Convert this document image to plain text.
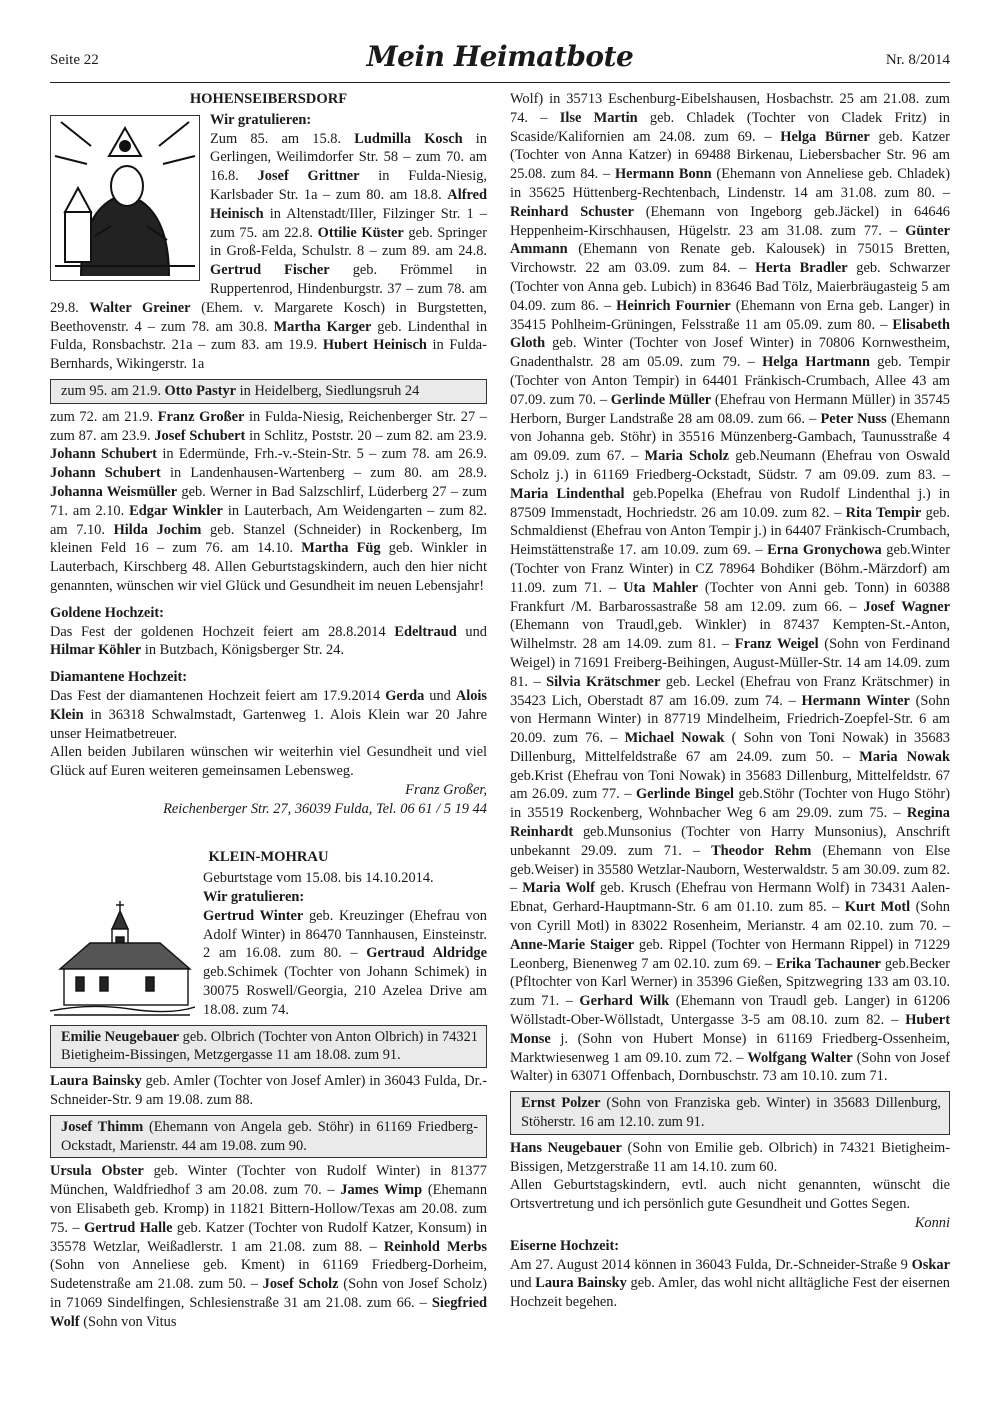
Seite 22	Mein Heimatbote	Nr. 8/2014
HOHENSEIBERSDORF

Wir gratulieren:

Zum 85. am 15.8. Ludmilla Kosch in Gerlingen, Weilimdorfer Str. 58 – zum 70. am 16.8. Josef Grittner in Fulda-Niesig, Karlsbader Str. 1a – zum 80. am 18.8. Alfred Heinisch in Altenstadt/Iller, Filzinger Str. 1 – zum 75. am 22.8. Ottilie Küster geb. Springer in Groß-Felda, Schulstr. 8 – zum 89. am 24.8. Gertrud Fischer geb. Frömmel in Ruppertenrod, Hindenburgstr. 37 – zum 78. am 29.8. Walter Greiner (Ehem. v. Margarete Kosch) in Burgstetten, Beethovenstr. 4 – zum 78. am 30.8. Martha Karger geb. Lindenthal in Fulda, Ronsbachstr. 21a – zum 83. am 19.9. Hubert Heinisch in Fulda-Bernhards, Wikingerstr. 1a

zum 95. am 21.9. Otto Pastyr in Heidelberg, Siedlungsruh 24

zum 72. am 21.9. Franz Großer in Fulda-Niesig, Reichenberger Str. 27 – zum 87. am 23.9. Josef Schubert in Schlitz, Poststr. 20 – zum 82. am 23.9. Johann Schubert in Edermünde, Frh.-v.-Stein-Str. 5 – zum 78. am 26.9. Johann Schubert in Landenhausen-Wartenberg – zum 80. am 28.9. Johanna Weismüller geb. Werner in Bad Salzschlirf, Lüderberg 27 – zum 71. am 2.10. Edgar Winkler in Lauterbach, Am Weidengarten – zum 82. am 7.10. Hilda Jochim geb. Stanzel (Schneider) in Rockenberg, Im kleinen Feld 16 – zum 76. am 14.10. Martha Füg geb. Winkler in Lauterbach, Kirschberg 48. Allen Geburtstagskindern, auch den hier nicht genannten, wünschen wir viel Glück und Gesundheit im neuen Lebensjahr!

Goldene Hochzeit:

Das Fest der goldenen Hochzeit feiert am 28.8.2014 Edeltraud und Hilmar Köhler in Butzbach, Königsberger Str. 24.

Diamantene Hochzeit:

Das Fest der diamantenen Hochzeit feiert am 17.9.2014 Gerda und Alois Klein in 36318 Schwalmstadt, Gartenweg 1. Alois Klein war 20 Jahre unser Heimatbetreuer.

Allen beiden Jubilaren wünschen wir weiterhin viel Gesundheit und viel Glück auf Euren weiteren gemeinsamen Lebensweg.

Franz Großer,

Reichenberger Str. 27, 36039 Fulda, Tel. 06 61 / 5 19 44

KLEIN-MOHRAU

Geburtstage vom 15.08. bis 14.10.2014.

Wir gratulieren:

Gertrud Winter geb. Kreuzinger (Ehefrau von Adolf Winter) in 86470 Tannhausen, Einsteinstr. 2 am 16.08. zum 80. – Gertraud Aldridge geb.Schimek (Tochter von Johann Schimek) in 30075 Roswell/Georgia, 210 Azelea Drive am 18.08. zum 74.

Emilie Neugebauer geb. Olbrich (Tochter von Anton Olbrich) in 74321 Bietigheim-Bissingen, Metzgergasse 11 am 18.08. zum 91.

Laura Bainsky geb. Amler (Tochter von Josef Amler) in 36043 Fulda, Dr.-Schneider-Str. 9 am 19.08. zum 88.

Josef Thimm (Ehemann von Angela geb. Stöhr) in 61169 Friedberg-Ockstadt, Marienstr. 44 am 19.08. zum 90.

Ursula Obster geb. Winter (Tochter von Rudolf Winter) in 81377 München, Waldfriedhof 3 am 20.08. zum 70. – James Wimp (Ehemann von Elisabeth geb. Kromp) in 11821 Bittern-Hollow/Texas am 20.08. zum 75. – Gertrud Halle geb. Katzer (Tochter von Rudolf Katzer, Konsum) in 35578 Wetzlar, Weißadlerstr. 1 am 21.08. zum 88. – Reinhold Merbs (Sohn von Anneliese geb. Kment) in 61169 Friedberg-Dorheim, Sudetenstraße am 21.08. zum 50. – Josef Scholz (Sohn von Josef Scholz) in 71069 Sindelfingen, Schlesienstraße 31 am 21.08. zum 66. – Siegfried Wolf (Sohn von Vitus

Wolf) in 35713 Eschenburg-Eibelshausen, Hosbachstr. 25 am 21.08. zum 74. – Ilse Martin geb. Chladek (Tochter von Cladek Fritz) in Scaside/Kalifornien am 24.08. zum 69. – Helga Bürner geb. Katzer (Tochter von Anna Katzer) in 69488 Birkenau, Liebersbacher Str. 96 am 25.08. zum 84. – Hermann Bonn (Ehemann von Anneliese geb. Chladek) in 35625 Hüttenberg-Rechtenbach, Lindenstr. 14 am 31.08. zum 80. – Reinhard Schuster (Ehemann von Ingeborg geb.Jäckel) in 64646 Heppenheim-Kirschhausen, Hügelstr. 23 am 31.08. zum 77. – Günter Ammann (Ehemann von Renate geb. Kalousek) in 75015 Bretten, Virchowstr. 22 am 03.09. zum 84. – Herta Bradler geb. Schwarzer (Tochter von Anna geb. Lubich) in 83646 Bad Tölz, Maierbräugasteig 5 am 04.09. zum 86. – Heinrich Fournier (Ehemann von Erna geb. Langer) in 35415 Pohlheim-Grüningen, Felsstraße 11 am 05.09. zum 80. – Elisabeth Gloth geb. Winter (Tochter von Josef Winter) in 70806 Kornwestheim, Gnadenthalstr. 28 am 05.09. zum 79. – Helga Hartmann geb. Tempir (Tochter von Anton Tempir) in 64401 Fränkisch-Crumbach, Allee 43 am 07.09. zum 70. – Gerlinde Müller (Ehefrau von Hermann Müller) in 35745 Herborn, Burger Landstraße 28 am 08.09. zum 66. – Peter Nuss (Ehemann von Johanna geb. Stöhr) in 35516 Münzenberg-Gambach, Taunusstraße 4 am 09.09. zum 67. – Maria Scholz geb.Neumann (Ehefrau von Oswald Scholz j.) in 61169 Friedberg-Ockstadt, Südstr. 7 am 09.09. zum 83. – Maria Lindenthal geb.Popelka (Ehefrau von Rudolf Lindenthal j.) in 87509 Immenstadt, Hochriedstr. 26 am 10.09. zum 82. – Rita Tempir geb. Schmaldienst (Ehefrau von Anton Tempir j.) in 64407 Fränkisch-Crumbach, Heimstättenstraße 17. am 10.09. zum 69. – Erna Gronychowa geb.Winter (Tochter von Franz Winter) in CZ 78964 Bohdiker (Böhm.-Märzdorf) am 11.09. zum 71. – Uta Mahler (Tochter von Anni geb. Tonn) in 60388 Frankfurt /M. Barbarossastraße 58 am 12.09. zum 66. – Josef Wagner (Ehemann von Traudl,geb. Winkler) in 87437 Kempten-St.-Anton, Wilhelmstr. 28 am 14.09. zum 81. – Franz Weigel (Sohn von Ferdinand Weigel) in 71691 Freiberg-Beihingen, August-Müller-Str. 14 am 14.09. zum 81. – Silvia Krätschmer geb. Leckel (Ehefrau von Franz Krätschmer) in 35423 Lich, Oberstadt 87 am 16.09. zum 74. – Hermann Winter (Sohn von Hermann Winter) in 87719 Mindelheim, Friedrich-Zoepfel-Str. 6 am 20.09. zum 76. – Michael Nowak ( Sohn von Toni Nowak) in 35683 Dillenburg, Mittelfeldstraße 67 am 24.09. zum 50. – Maria Nowak geb.Krist (Ehefrau von Toni Nowak) in 35683 Dillenburg, Mittelfeldstr. 67 am 26.09. zum 77. – Gerlinde Bingel geb.Stöhr (Tochter von Hugo Stöhr) in 35519 Rockenberg, Wohnbacher Weg 6 am 29.09. zum 75. – Regina Reinhardt geb.Munsonius (Tochter von Harry Munsonius), Anschrift unbekannt 29.09. zum 71. – Theodor Rehm (Ehemann von Else geb.Weiser) in 35580 Wetzlar-Nauborn, Westerwaldstr. 5 am 30.09. zum 82. – Maria Wolf geb. Krusch (Ehefrau von Hermann Wolf) in 73431 Aalen-Ebnat, Gerhard-Hauptmann-Str. 6 am 01.10. zum 85. – Kurt Motl (Sohn von Cyrill Motl) in 83022 Rosenheim, Merianstr. 4 am 02.10. zum 70. – Anne-Marie Staiger geb. Rippel (Tochter von Hermann Rippel) in 71229 Leonberg, Bienenweg 7 am 02.10. zum 69. – Erika Tachauner geb.Becker (Pfltochter von Karl Werner) in 35396 Gießen, Spitzwegring 133 am 03.10. zum 71. – Gerhard Wilk (Ehemann von Traudl geb. Langer) in 61206 Wöllstadt-Ober-Wöllstadt, Untergasse 3-5 am 08.10. zum 82. – Hubert Monse j. (Sohn von Hubert Monse) in 61169 Friedberg-Ossenheim, Marktwiesenweg 1 am 09.10. zum 72. – Wolfgang Walter (Sohn von Josef Walter) in 63071 Offenbach, Dornbuschstr. 73 am 10.10. zum 71.

Ernst Polzer (Sohn von Franziska geb. Winter) in 35683 Dillenburg, Stöherstr. 16 am 12.10. zum 91.

Hans Neugebauer (Sohn von Emilie geb. Olbrich) in 74321 Bietigheim-Bissigen, Metzgerstraße 11 am 14.10. zum 60.

Allen Geburtstagskindern, evtl. auch nicht genannten, wünscht die Ortsvertretung und ich persönlich gute Gesundheit und Gottes Segen.

Konni

Eiserne Hochzeit:

Am 27. August 2014 können in 36043 Fulda, Dr.-Schneider-Straße 9 Oskar und Laura Bainsky geb. Amler, das wohl nicht alltägliche Fest der eisernen Hochzeit begehen.
